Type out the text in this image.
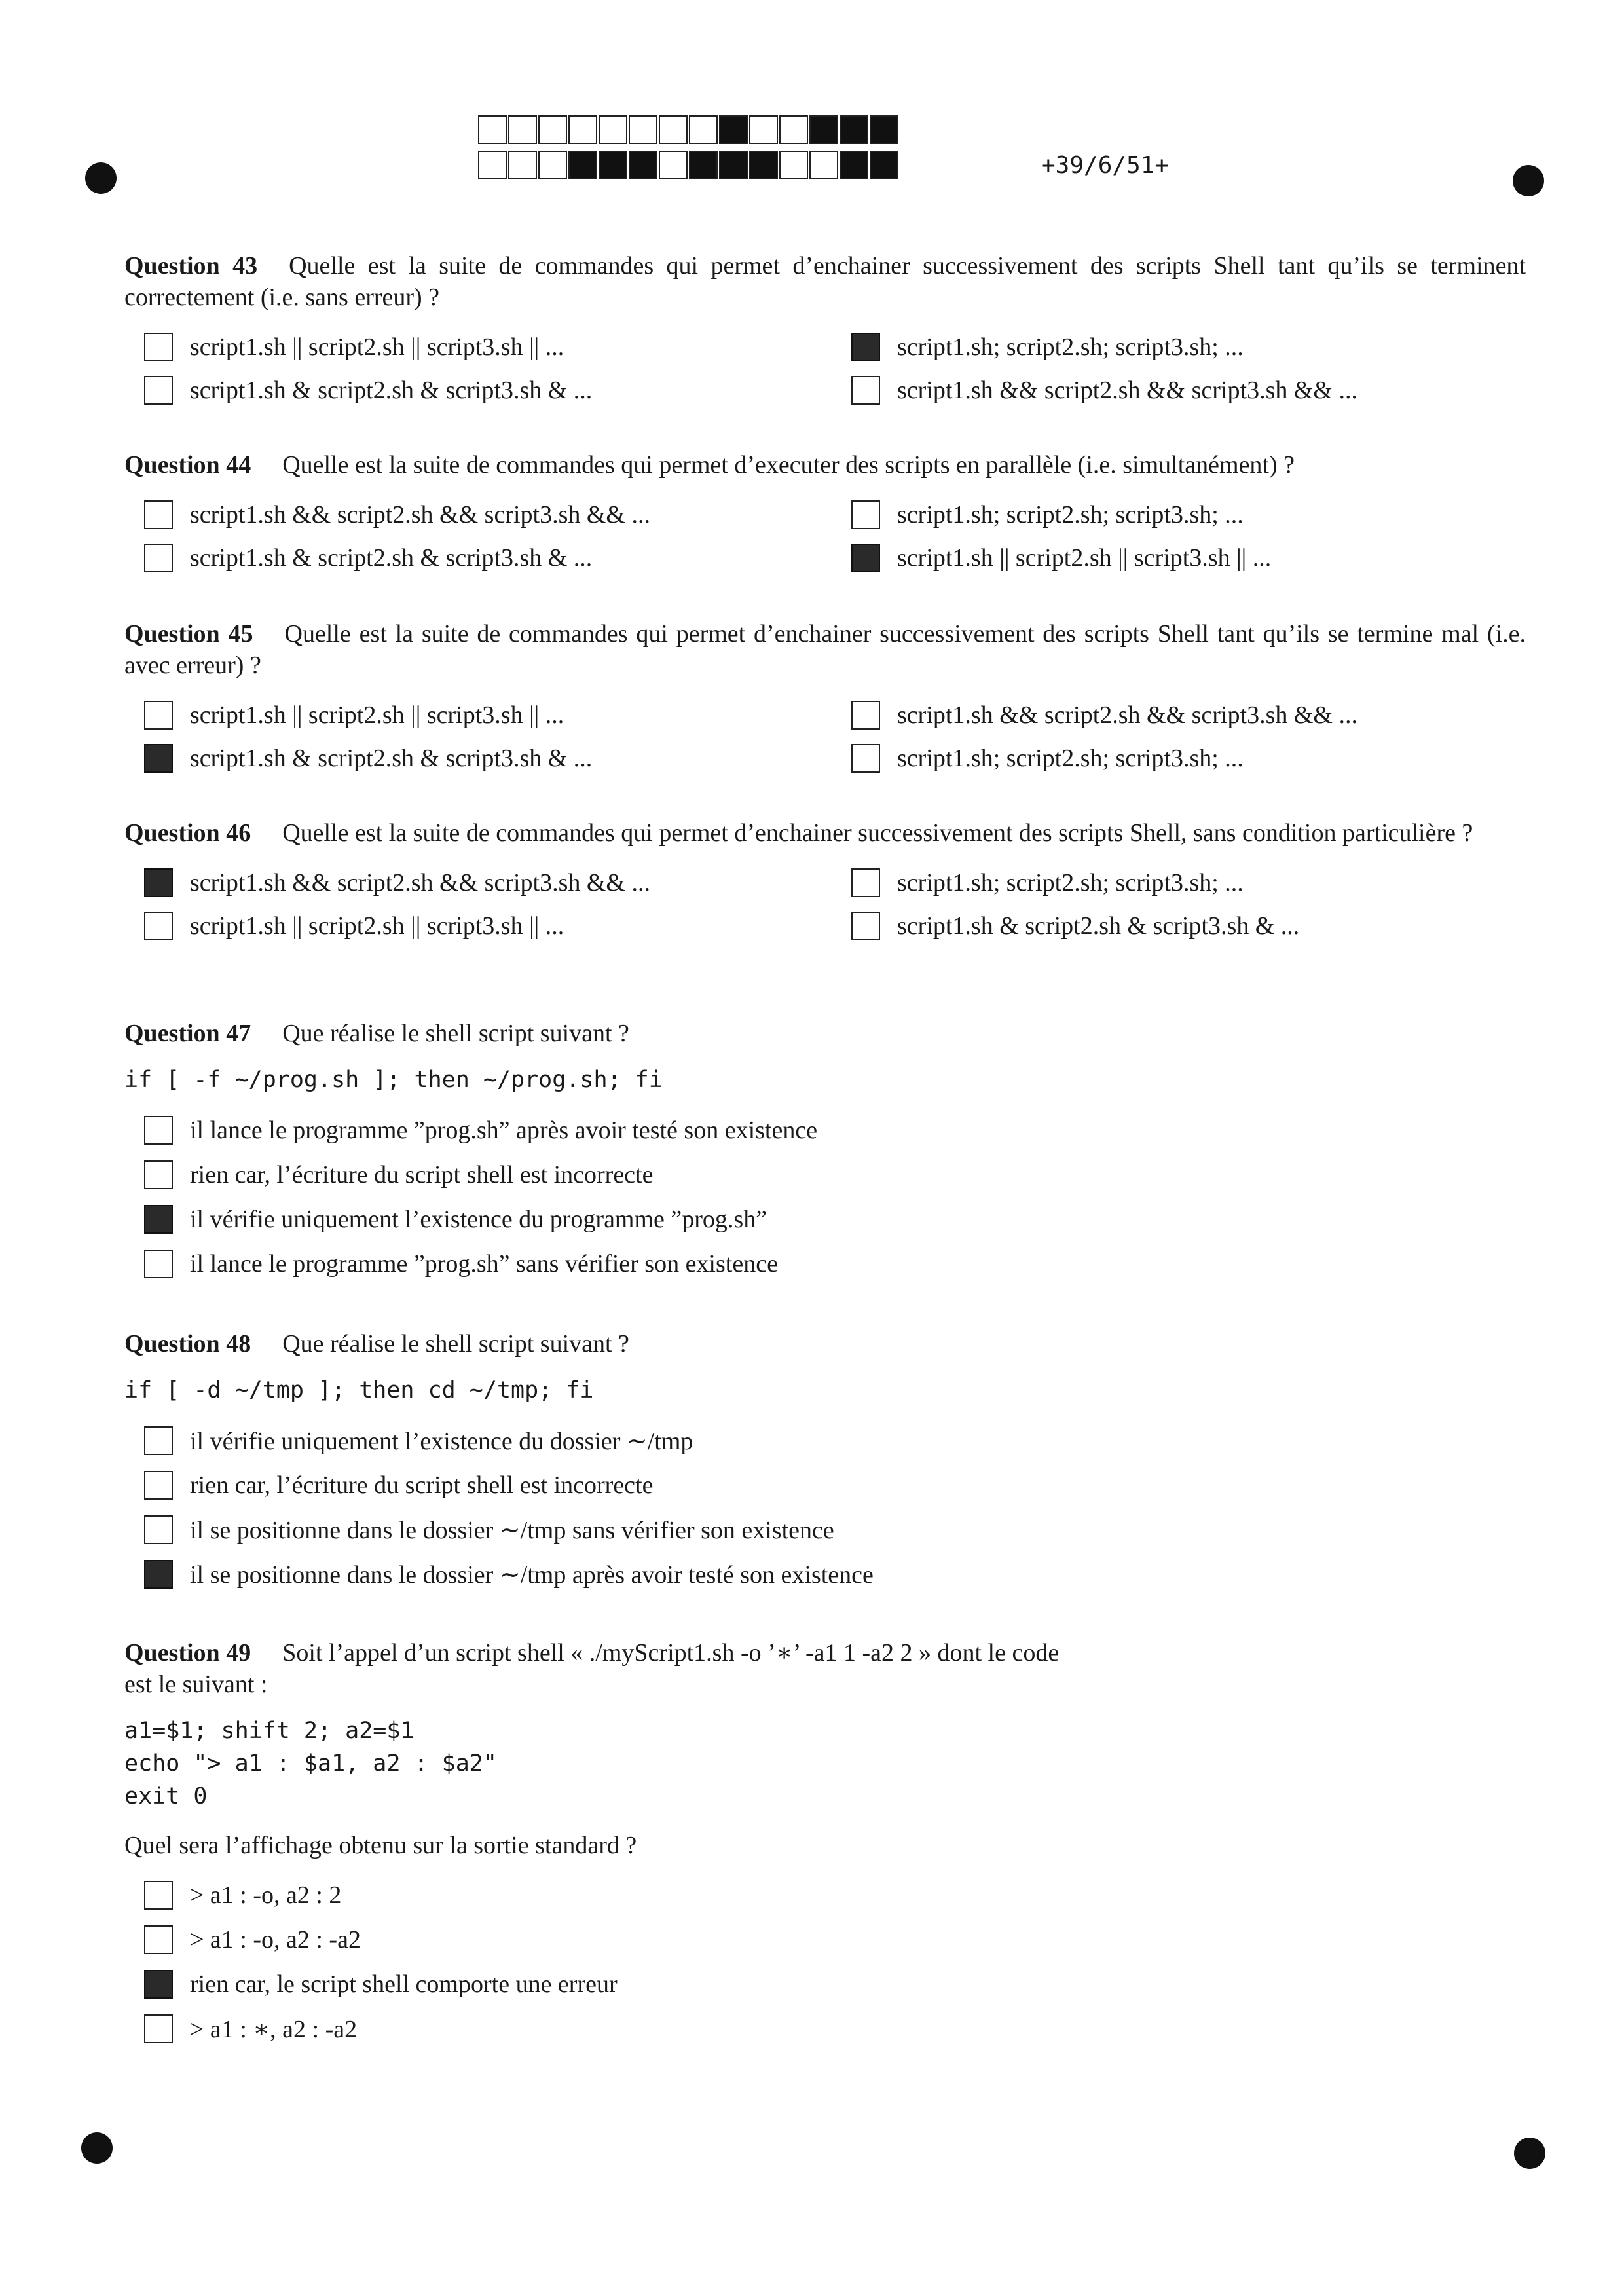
+39/6/51+
Question 43 Quelle est la suite de commandes qui permet d’enchainer successivement des scripts Shell tant qu’ils se terminent correctement (i.e. sans erreur) ?
script1.sh || script2.sh || script3.sh || ...	script1.sh; script2.sh; script3.sh; ...
script1.sh & script2.sh & script3.sh & ...	script1.sh && script2.sh && script3.sh && ...
Question 44 Quelle est la suite de commandes qui permet d’executer des scripts en parallèle (i.e. simultanément) ?
script1.sh && script2.sh && script3.sh && ...	script1.sh; script2.sh; script3.sh; ...
script1.sh & script2.sh & script3.sh & ...	script1.sh || script2.sh || script3.sh || ...
Question 45 Quelle est la suite de commandes qui permet d’enchainer successivement des scripts Shell tant qu’ils se termine mal (i.e. avec erreur) ?
script1.sh || script2.sh || script3.sh || ...	script1.sh && script2.sh && script3.sh && ...
script1.sh & script2.sh & script3.sh & ...	script1.sh; script2.sh; script3.sh; ...
Question 46 Quelle est la suite de commandes qui permet d’enchainer successivement des scripts Shell, sans condition particulière ?
script1.sh && script2.sh && script3.sh && ...	script1.sh; script2.sh; script3.sh; ...
script1.sh || script2.sh || script3.sh || ...	script1.sh & script2.sh & script3.sh & ...
Question 47 Que réalise le shell script suivant ?
if [ -f ~/prog.sh ]; then ~/prog.sh; fi
il lance le programme ”prog.sh” après avoir testé son existence
rien car, l’écriture du script shell est incorrecte
il vérifie uniquement l’existence du programme ”prog.sh”
il lance le programme ”prog.sh” sans vérifier son existence
Question 48 Que réalise le shell script suivant ?
if [ -d ~/tmp ]; then cd ~/tmp; fi
il vérifie uniquement l’existence du dossier ∼/tmp
rien car, l’écriture du script shell est incorrecte
il se positionne dans le dossier ∼/tmp sans vérifier son existence
il se positionne dans le dossier ∼/tmp après avoir testé son existence
Question 49 Soit l’appel d’un script shell « ./myScript1.sh -o ’∗’ -a1 1 -a2 2 » dont le code est le suivant :
a1=$1; shift 2; a2=$1
echo "> a1 : $a1, a2 : $a2"
exit 0
Quel sera l’affichage obtenu sur la sortie standard ?
> a1 : -o, a2 : 2
> a1 : -o, a2 : -a2
rien car, le script shell comporte une erreur
> a1 : ∗, a2 : -a2
